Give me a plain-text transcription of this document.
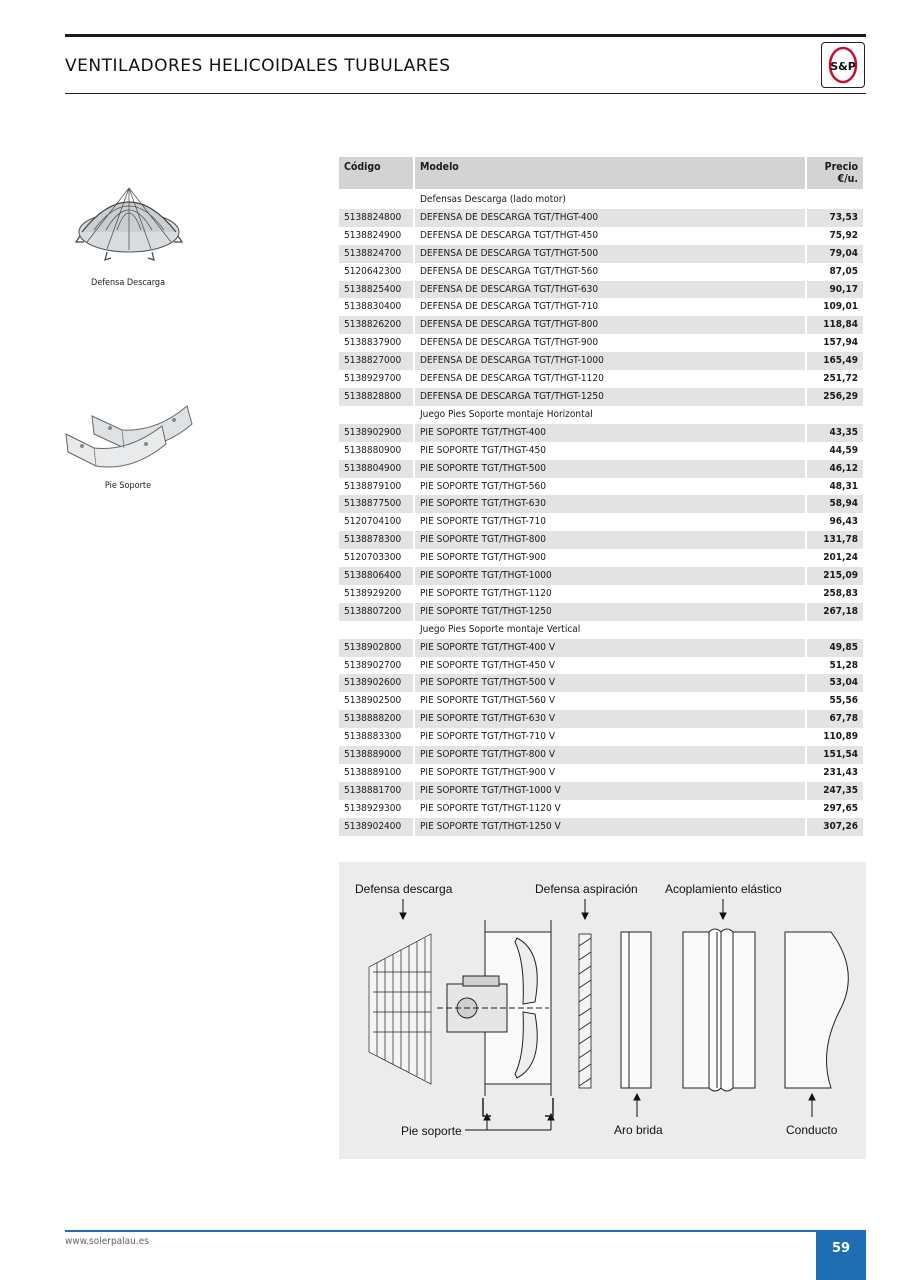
VENTILADORES HELICOIDALES TUBULARES	S&P
Defensa Descarga
Pie Soporte
Código	Modelo	Precio
€/u.
	Defensas Descarga (lado motor)	
5138824800	DEFENSA DE DESCARGA TGT/THGT-400	73,53
5138824900	DEFENSA DE DESCARGA TGT/THGT-450	75,92
5138824700	DEFENSA DE DESCARGA TGT/THGT-500	79,04
5120642300	DEFENSA DE DESCARGA TGT/THGT-560	87,05
5138825400	DEFENSA DE DESCARGA TGT/THGT-630	90,17
5138830400	DEFENSA DE DESCARGA TGT/THGT-710	109,01
5138826200	DEFENSA DE DESCARGA TGT/THGT-800	118,84
5138837900	DEFENSA DE DESCARGA TGT/THGT-900	157,94
5138827000	DEFENSA DE DESCARGA TGT/THGT-1000	165,49
5138929700	DEFENSA DE DESCARGA TGT/THGT-1120	251,72
5138828800	DEFENSA DE DESCARGA TGT/THGT-1250	256,29
	Juego Pies Soporte montaje Horizontal	
5138902900	PIE SOPORTE TGT/THGT-400	43,35
5138880900	PIE SOPORTE TGT/THGT-450	44,59
5138804900	PIE SOPORTE TGT/THGT-500	46,12
5138879100	PIE SOPORTE TGT/THGT-560	48,31
5138877500	PIE SOPORTE TGT/THGT-630	58,94
5120704100	PIE SOPORTE TGT/THGT-710	96,43
5138878300	PIE SOPORTE TGT/THGT-800	131,78
5120703300	PIE SOPORTE TGT/THGT-900	201,24
5138806400	PIE SOPORTE TGT/THGT-1000	215,09
5138929200	PIE SOPORTE TGT/THGT-1120	258,83
5138807200	PIE SOPORTE TGT/THGT-1250	267,18
	Juego Pies Soporte montaje Vertical	
5138902800	PIE SOPORTE TGT/THGT-400 V	49,85
5138902700	PIE SOPORTE TGT/THGT-450 V	51,28
5138902600	PIE SOPORTE TGT/THGT-500 V	53,04
5138902500	PIE SOPORTE TGT/THGT-560 V	55,56
5138888200	PIE SOPORTE TGT/THGT-630 V	67,78
5138883300	PIE SOPORTE TGT/THGT-710 V	110,89
5138889000	PIE SOPORTE TGT/THGT-800 V	151,54
5138889100	PIE SOPORTE TGT/THGT-900 V	231,43
5138881700	PIE SOPORTE TGT/THGT-1000 V	247,35
5138929300	PIE SOPORTE TGT/THGT-1120 V	297,65
5138902400	PIE SOPORTE TGT/THGT-1250 V	307,26
Defensa descarga	Defensa aspiración Acoplamiento elástico
Pie soporte	Aro brida	Conducto
www.solerpalau.es	59
